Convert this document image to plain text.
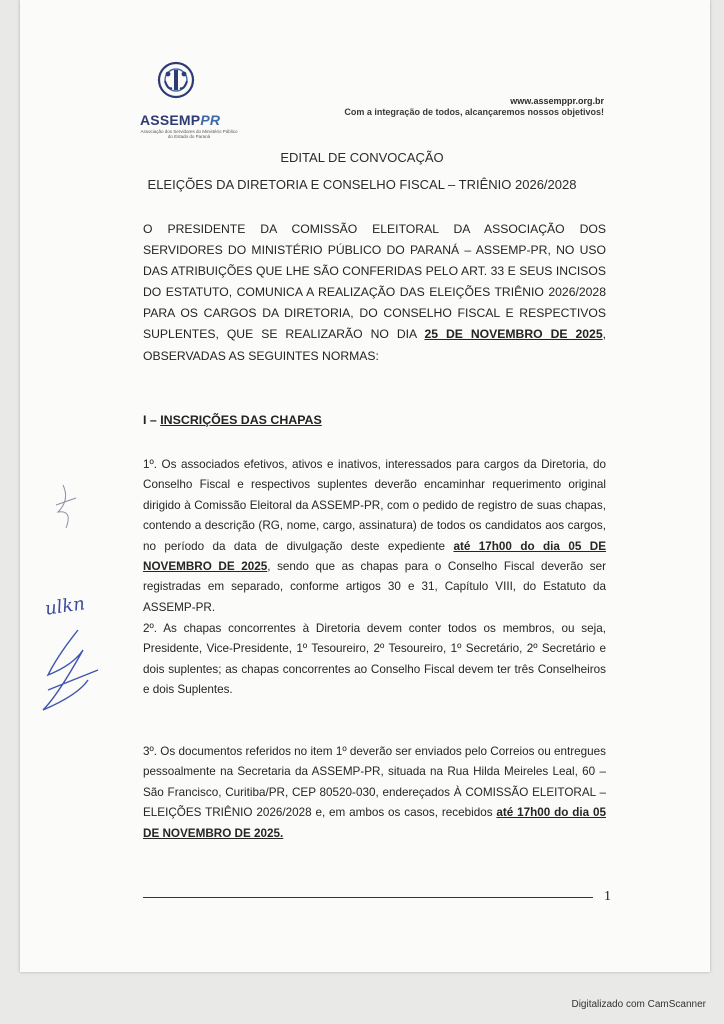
ASSEMPPR
Associação dos Servidores do Ministério Público do Estado do Paraná
www.assemppr.org.br
Com a integração de todos, alcançaremos nossos objetivos!
EDITAL DE CONVOCAÇÃO
ELEIÇÕES DA DIRETORIA E CONSELHO FISCAL – TRIÊNIO 2026/2028
O PRESIDENTE DA COMISSÃO ELEITORAL DA ASSOCIAÇÃO DOS SERVIDORES DO MINISTÉRIO PÚBLICO DO PARANÁ – ASSEMP-PR, NO USO DAS ATRIBUIÇÕES QUE LHE SÃO CONFERIDAS PELO ART. 33 E SEUS INCISOS DO ESTATUTO, COMUNICA A REALIZAÇÃO DAS ELEIÇÕES TRIÊNIO 2026/2028 PARA OS CARGOS DA DIRETORIA, DO CONSELHO FISCAL E RESPECTIVOS SUPLENTES, QUE SE REALIZARÃO NO DIA 25 DE NOVEMBRO DE 2025, OBSERVADAS AS SEGUINTES NORMAS:
I – INSCRIÇÕES DAS CHAPAS
1º. Os associados efetivos, ativos e inativos, interessados para cargos da Diretoria, do Conselho Fiscal e respectivos suplentes deverão encaminhar requerimento original dirigido à Comissão Eleitoral da ASSEMP-PR, com o pedido de registro de suas chapas, contendo a descrição (RG, nome, cargo, assinatura) de todos os candidatos aos cargos, no período da data de divulgação deste expediente até 17h00 do dia 05 DE NOVEMBRO DE 2025, sendo que as chapas para o Conselho Fiscal deverão ser registradas em separado, conforme artigos 30 e 31, Capítulo VIII, do Estatuto da ASSEMP-PR.
2º. As chapas concorrentes à Diretoria devem conter todos os membros, ou seja, Presidente, Vice-Presidente, 1º Tesoureiro, 2º Tesoureiro, 1º Secretário, 2º Secretário e dois suplentes; as chapas concorrentes ao Conselho Fiscal devem ter três Conselheiros e dois Suplentes.
3º. Os documentos referidos no item 1º deverão ser enviados pelo Correios ou entregues pessoalmente na Secretaria da ASSEMP-PR, situada na Rua Hilda Meireles Leal, 60 – São Francisco, Curitiba/PR, CEP 80520-030, endereçados À COMISSÃO ELEITORAL – ELEIÇÕES TRIÊNIO 2026/2028 e, em ambos os casos, recebidos até 17h00 do dia 05 DE NOVEMBRO DE 2025.
ulkn
1
Digitalizado com CamScanner
